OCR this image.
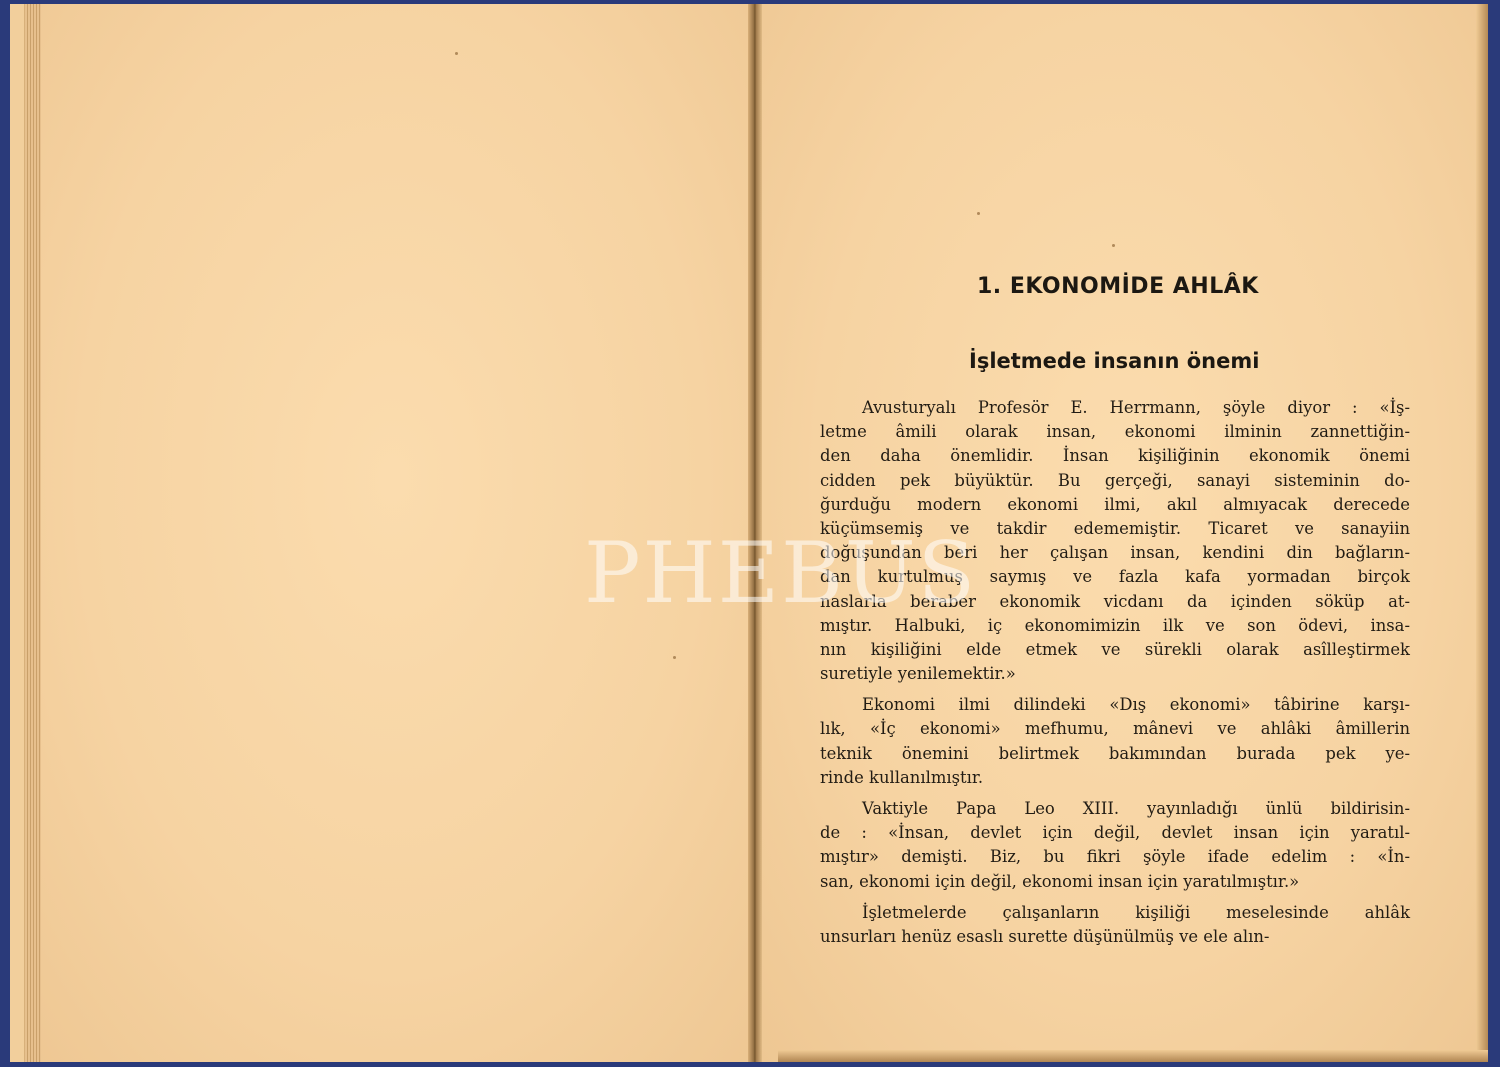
1. EKONOMİDE AHLÂK
İşletmede insanın önemi
Avusturyalı Profesör E. Herrmann, şöyle diyor : «İş-
letme âmili olarak insan, ekonomi ilminin zannettiğin-
den daha önemlidir. İnsan kişiliğinin ekonomik önemi
cidden pek büyüktür. Bu gerçeği, sanayi sisteminin do-
ğurduğu modern ekonomi ilmi, akıl almıyacak derecede
küçümsemiş ve takdir edememiştir. Ticaret ve sanayiin
doğuşundan beri her çalışan insan, kendini din bağların-
dan kurtulmuş saymış ve fazla kafa yormadan birçok
naslarla beraber ekonomik vicdanı da içinden söküp at-
mıştır. Halbuki, iç ekonomimizin ilk ve son ödevi, insa-
nın kişiliğini elde etmek ve sürekli olarak asîlleştirmek
suretiyle yenilemektir.»
Ekonomi ilmi dilindeki «Dış ekonomi» tâbirine karşı-
lık, «İç ekonomi» mefhumu, mânevi ve ahlâki âmillerin
teknik önemini belirtmek bakımından burada pek ye-
rinde kullanılmıştır.
Vaktiyle Papa Leo XIII. yayınladığı ünlü bildirisin-
de : «İnsan, devlet için değil, devlet insan için yaratıl-
mıştır» demişti. Biz, bu fikri şöyle ifade edelim : «İn-
san, ekonomi için değil, ekonomi insan için yaratılmıştır.»
İşletmelerde çalışanların kişiliği meselesinde ahlâk
unsurları henüz esaslı surette düşünülmüş ve ele alın-
PHEBUS
